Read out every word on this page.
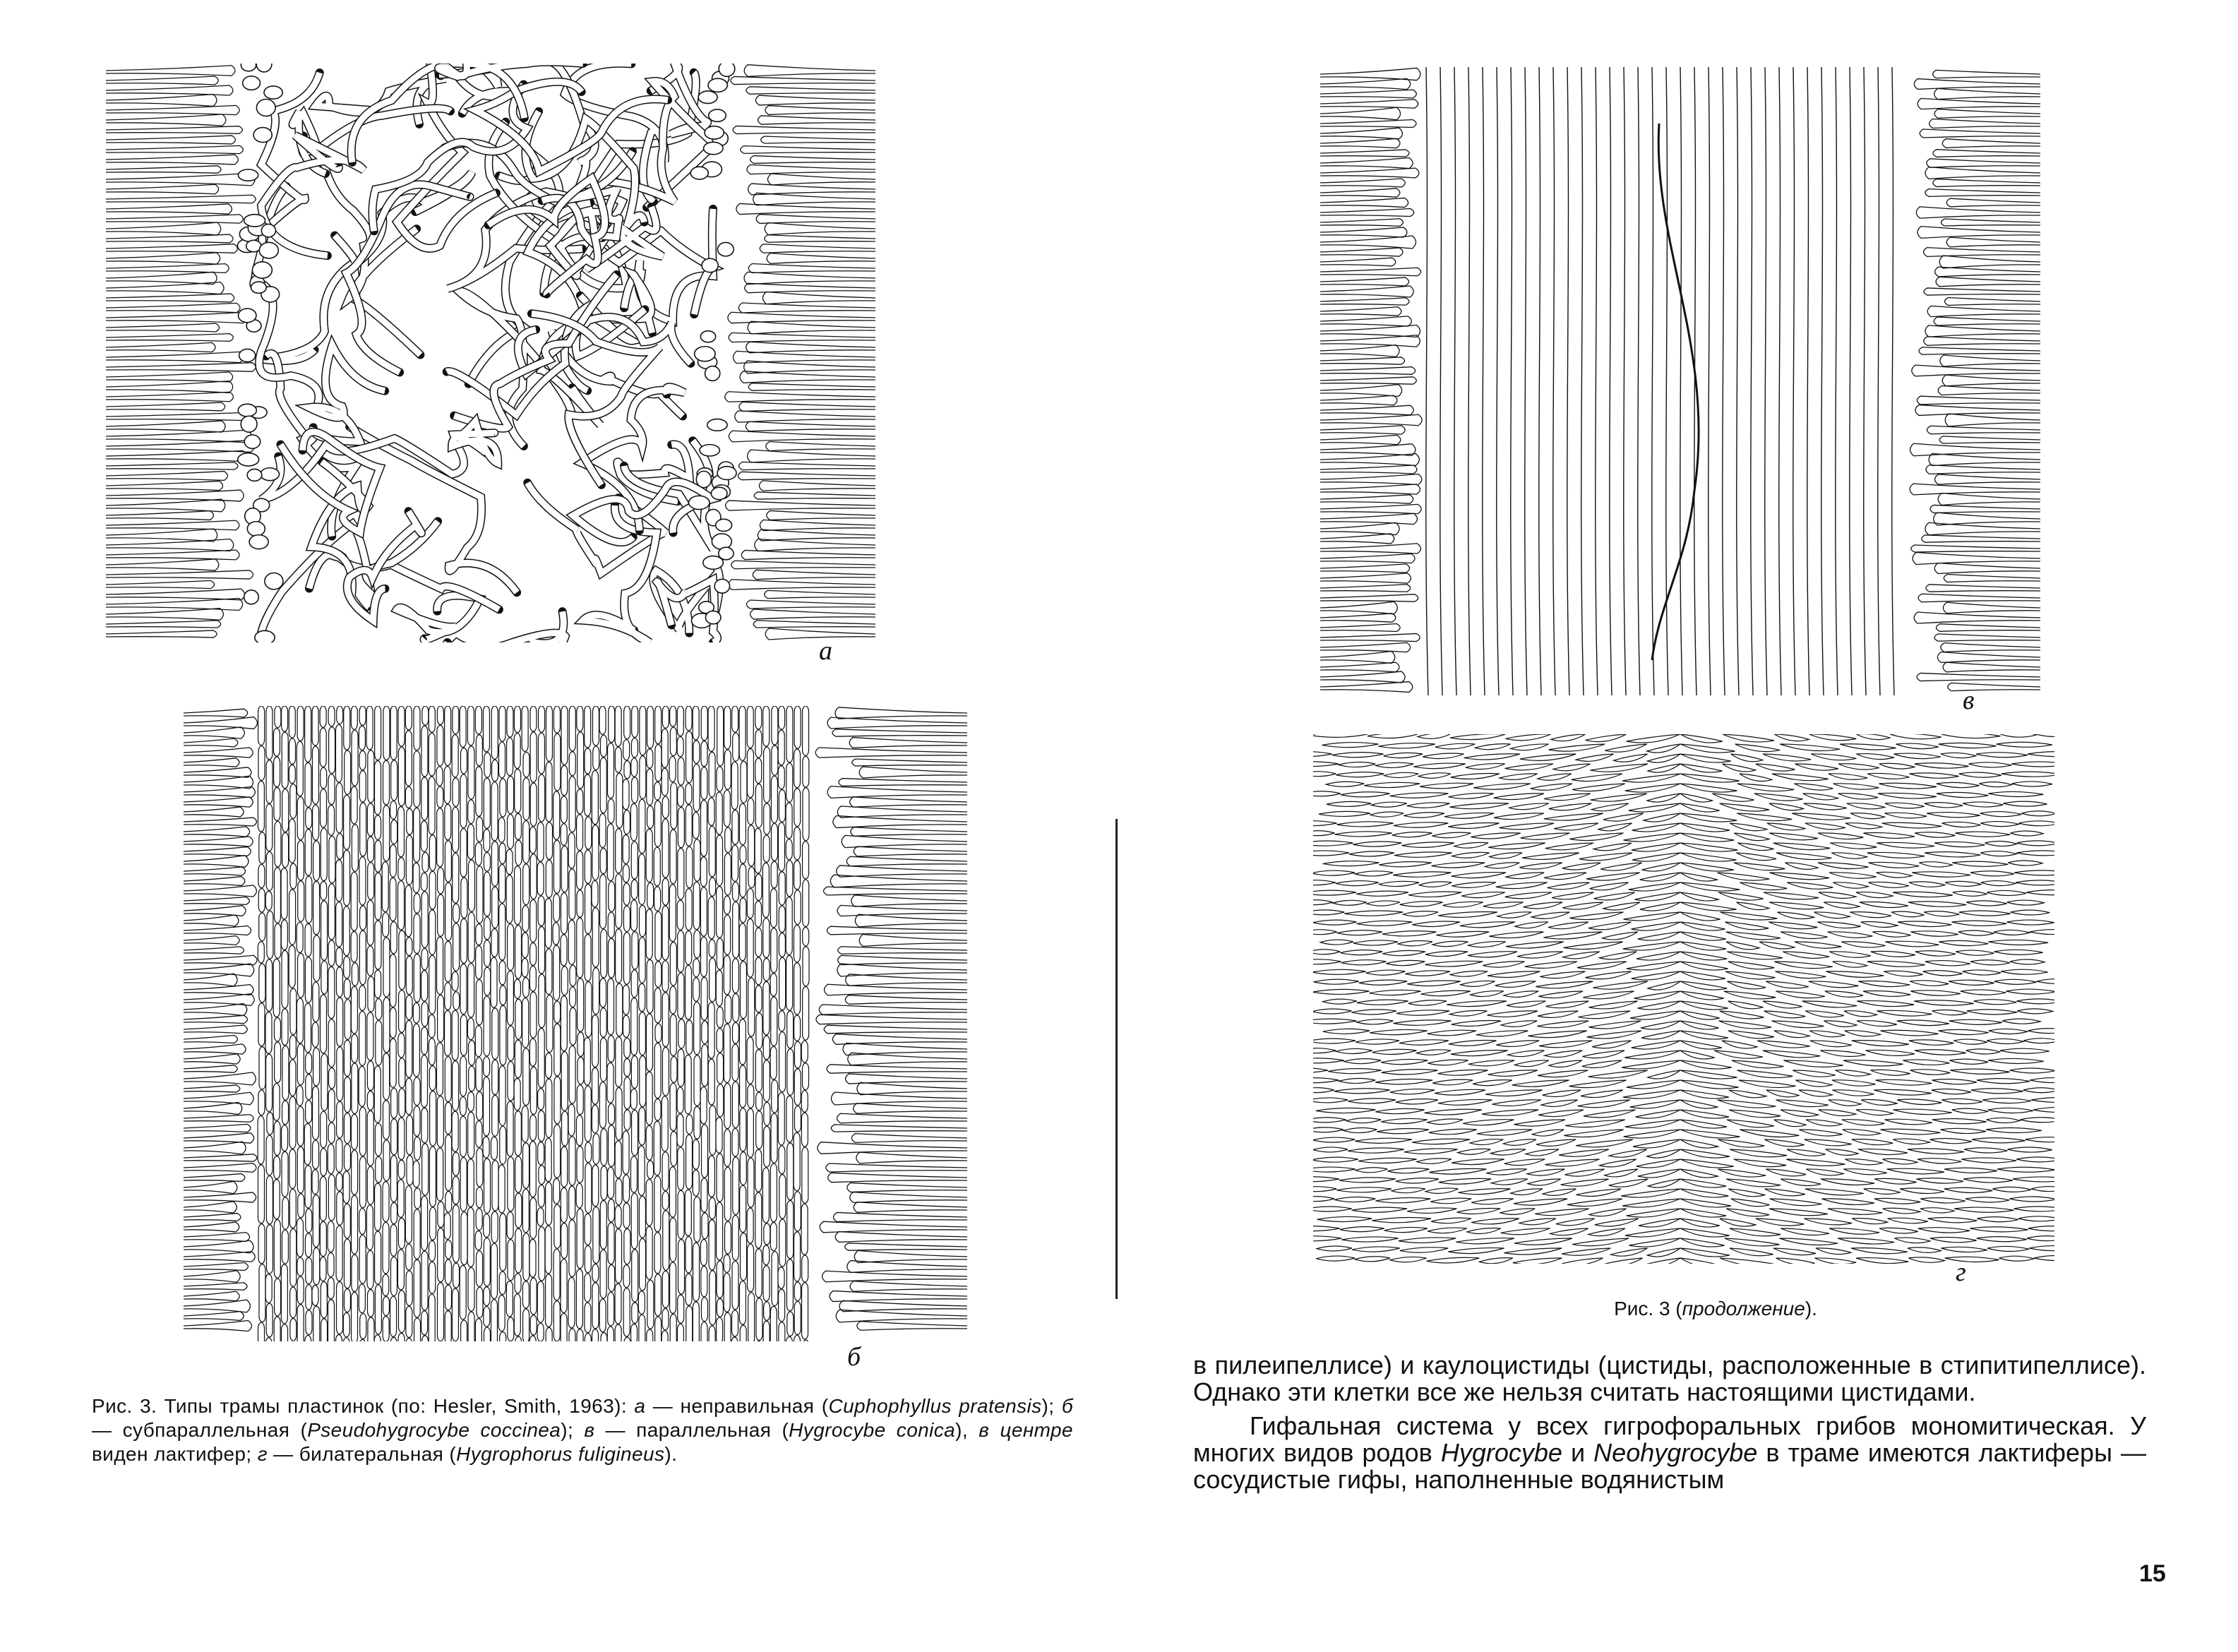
а
б
Рис. 3. Типы трамы пластинок (по: Hesler, Smith, 1963): а — неправильная (Cuphophyllus pratensis); б — субпараллельная (Pseudohygrocybe coccinea); в — параллельная (Hygrocybe conica), в центре виден лактифер; г — билатеральная (Hygrophorus fuligineus).
в
г
Рис. 3 (продолжение).

в пилеипеллисе) и каулоцистиды (цистиды, расположенные в стипитипеллисе). Однако эти клетки все же нельзя считать настоящими цистидами.

Гифальная система у всех гигрофоральных грибов мономитическая. У многих видов родов Hygrocybe и Neohygrocybe в траме имеются лактиферы — сосудистые гифы, наполненные водянистым

15
